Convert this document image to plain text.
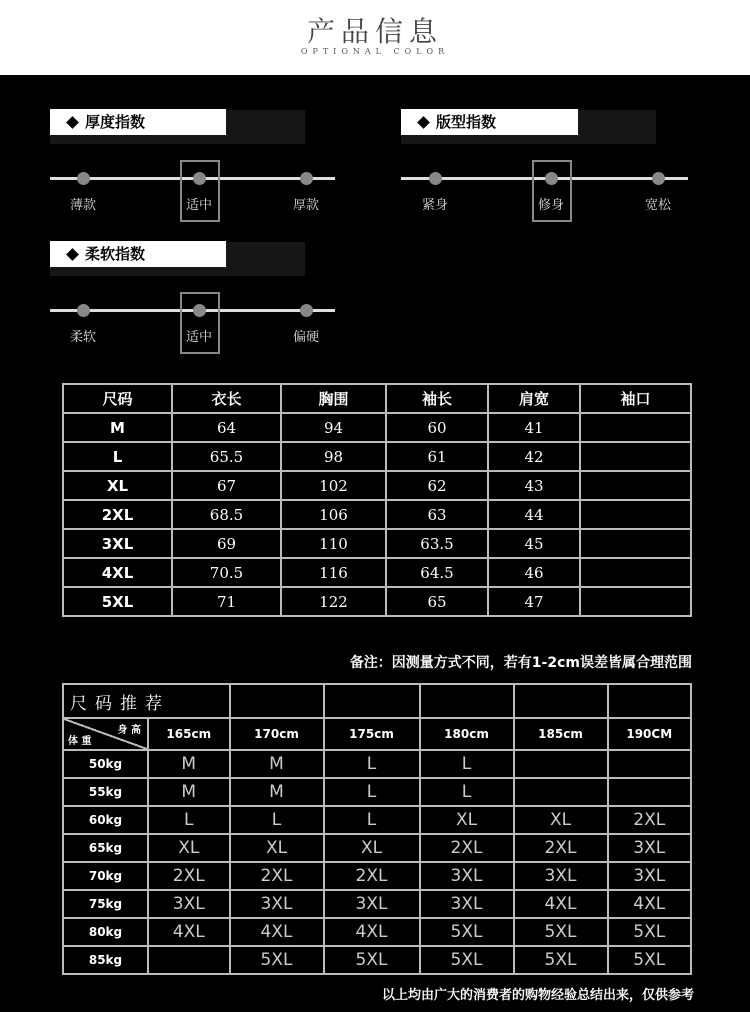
产品信息
OPTIONAL COLOR
厚度指数
薄款	适中	厚款
版型指数
紧身	修身	宽松
柔软指数
柔软	适中	偏硬
尺码	衣长	胸围	袖长	肩宽	袖口
M	64	94	60	41	
L	65.5	98	61	42	
XL	67	102	62	43	
2XL	68.5	106	63	44	
3XL	69	110	63.5	45	
4XL	70.5	116	64.5	46	
5XL	71	122	65	47	
备注：因测量方式不同，若有1-2cm误差皆属合理范围
尺码推荐						

身 高
体 重	165cm	170cm	175cm	180cm	185cm	190CM
50kg	M	M	L	L		
55kg	M	M	L	L		
60kg	L	L	L	XL	XL	2XL
65kg	XL	XL	XL	2XL	2XL	3XL
70kg	2XL	2XL	2XL	3XL	3XL	3XL
75kg	3XL	3XL	3XL	3XL	4XL	4XL
80kg	4XL	4XL	4XL	5XL	5XL	5XL
85kg		5XL	5XL	5XL	5XL	5XL
以上均由广大的消费者的购物经验总结出来，仅供参考
